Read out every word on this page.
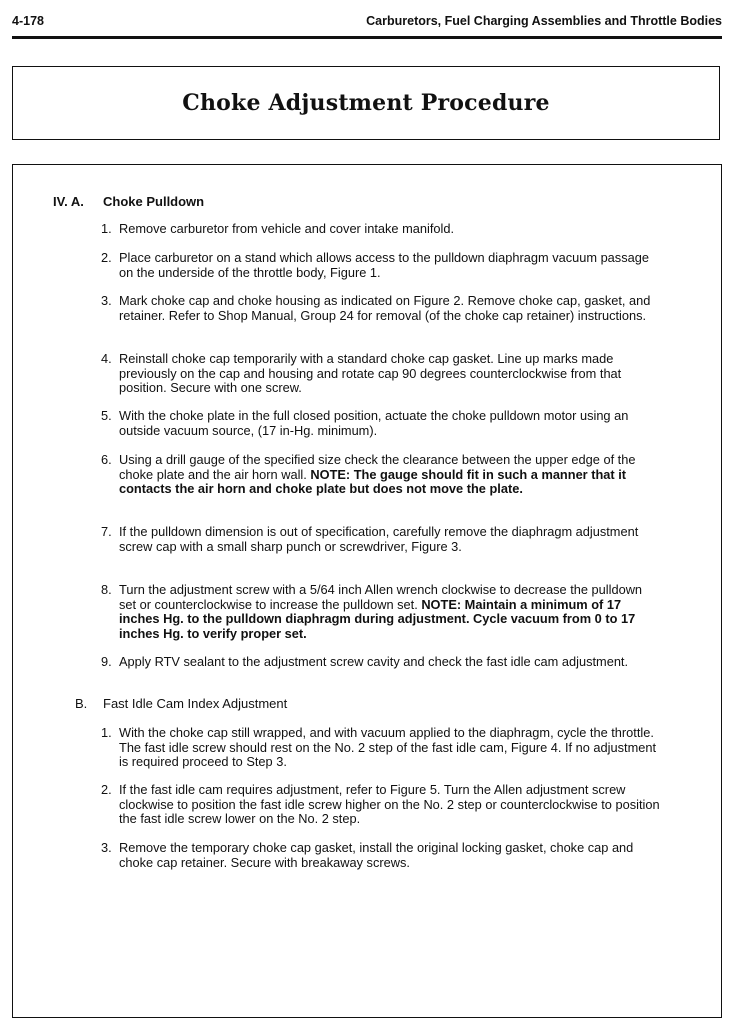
4-178	Carburetors, Fuel Charging Assemblies and Throttle Bodies
Choke Adjustment Procedure
IV. A. Choke Pulldown
1. Remove carburetor from vehicle and cover intake manifold.
2. Place carburetor on a stand which allows access to the pulldown diaphragm vacuum passage on the underside of the throttle body, Figure 1.
3. Mark choke cap and choke housing as indicated on Figure 2. Remove choke cap, gasket, and retainer. Refer to Shop Manual, Group 24 for removal (of the choke cap retainer) instructions.
4. Reinstall choke cap temporarily with a standard choke cap gasket. Line up marks made previously on the cap and housing and rotate cap 90 degrees counterclockwise from that position. Secure with one screw.
5. With the choke plate in the full closed position, actuate the choke pulldown motor using an outside vacuum source, (17 in-Hg. minimum).
6. Using a drill gauge of the specified size check the clearance between the upper edge of the choke plate and the air horn wall. NOTE: The gauge should fit in such a manner that it contacts the air horn and choke plate but does not move the plate.
7. If the pulldown dimension is out of specification, carefully remove the diaphragm adjustment screw cap with a small sharp punch or screwdriver, Figure 3.
8. Turn the adjustment screw with a 5/64 inch Allen wrench clockwise to decrease the pulldown set or counterclockwise to increase the pulldown set. NOTE: Maintain a minimum of 17 inches Hg. to the pulldown diaphragm during adjustment. Cycle vacuum from 0 to 17 inches Hg. to verify proper set.
9. Apply RTV sealant to the adjustment screw cavity and check the fast idle cam adjustment.
B. Fast Idle Cam Index Adjustment
1. With the choke cap still wrapped, and with vacuum applied to the diaphragm, cycle the throttle. The fast idle screw should rest on the No. 2 step of the fast idle cam, Figure 4. If no adjustment is required proceed to Step 3.
2. If the fast idle cam requires adjustment, refer to Figure 5. Turn the Allen adjustment screw clockwise to position the fast idle screw higher on the No. 2 step or counterclockwise to position the fast idle screw lower on the No. 2 step.
3. Remove the temporary choke cap gasket, install the original locking gasket, choke cap and choke cap retainer. Secure with breakaway screws.
